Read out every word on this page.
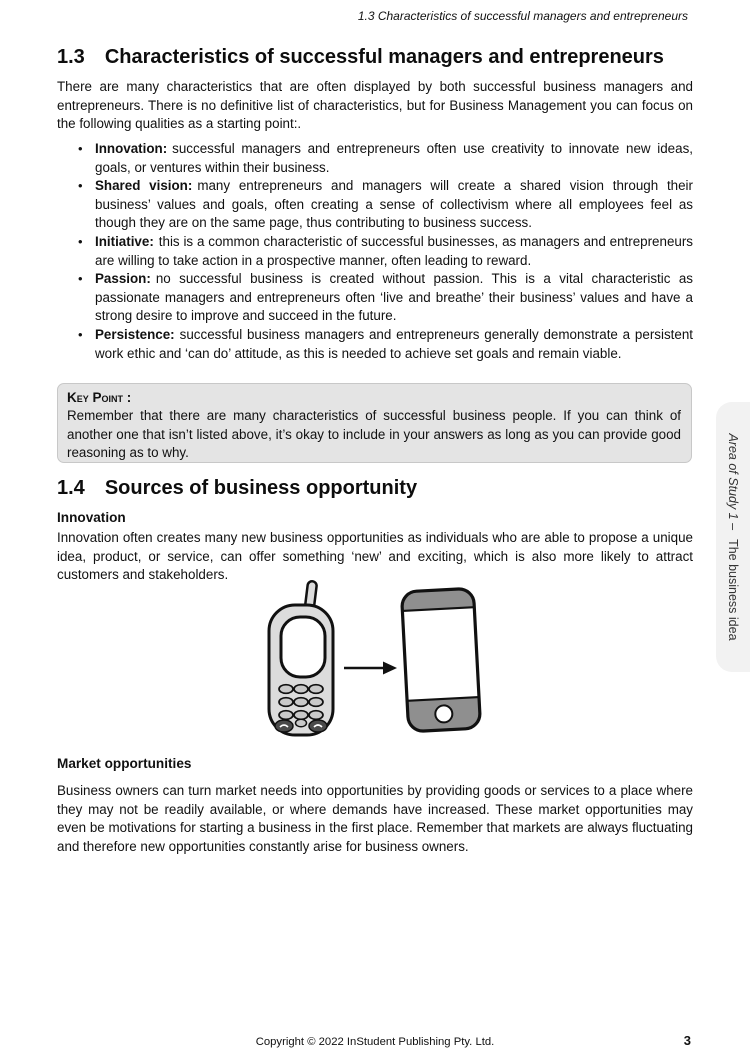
1.3 Characteristics of successful managers and entrepreneurs
1.3 Characteristics of successful managers and entrepreneurs

There are many characteristics that are often displayed by both successful business managers and entrepreneurs. There is no definitive list of characteristics, but for Business Management you can focus on the following qualities as a starting point:.

• Innovation: successful managers and entrepreneurs often use creativity to innovate new ideas, goals, or ventures within their business.
• Shared vision: many entrepreneurs and managers will create a shared vision through their business’ values and goals, often creating a sense of collectivism where all employees feel as though they are on the same page, thus contributing to business success.
• Initiative: this is a common characteristic of successful businesses, as managers and entrepreneurs are willing to take action in a prospective manner, often leading to reward.
• Passion: no successful business is created without passion. This is a vital characteristic as passionate managers and entrepreneurs often ‘live and breathe’ their business’ values and have a strong desire to improve and succeed in the future.
• Persistence: successful business managers and entrepreneurs generally demonstrate a persistent work ethic and ‘can do’ attitude, as this is needed to achieve set goals and remain viable.
Key Point :
Remember that there are many characteristics of successful business people. If you can think of another one that isn’t listed above, it’s okay to include in your answers as long as you can provide good reasoning as to why.
1.4 Sources of business opportunity
Innovation

Innovation often creates many new business opportunities as individuals who are able to propose a unique idea, product, or service, can offer something ‘new’ and exciting, which is also more likely to attract customers and stakeholders.

Market opportunities

Business owners can turn market needs into opportunities by providing goods or services to a place where they may not be readily available, or where demands have increased. These market opportunities may even be motivations for starting a business in the first place. Remember that markets are always fluctuating and therefore new opportunities constantly arise for business owners.

Area of Study 1 –The business idea
Copyright © 2022 InStudent Publishing Pty. Ltd.	3
